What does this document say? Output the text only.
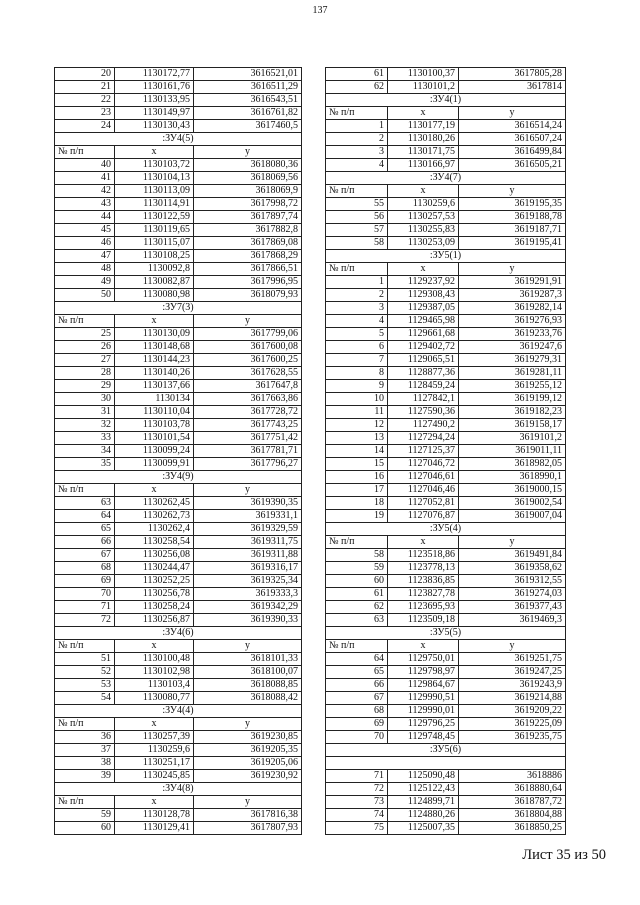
137
20	1130172,77	3616521,01
21	1130161,76	3616511,29
22	1130133,95	3616543,51
23	1130149,97	3616761,82
24	1130130,43	3617460,5
:ЗУ4(5)		
№ п/п	x	y
40	1130103,72	3618080,36
41	1130104,13	3618069,56
42	1130113,09	3618069,9
43	1130114,91	3617998,72
44	1130122,59	3617897,74
45	1130119,65	3617882,8
46	1130115,07	3617869,08
47	1130108,25	3617868,29
48	1130092,8	3617866,51
49	1130082,87	3617996,95
50	1130080,98	3618079,93
:ЗУ7(3)		
№ п/п	x	y
25	1130130,09	3617799,06
26	1130148,68	3617600,08
27	1130144,23	3617600,25
28	1130140,26	3617628,55
29	1130137,66	3617647,8
30	1130134	3617663,86
31	1130110,04	3617728,72
32	1130103,78	3617743,25
33	1130101,54	3617751,42
34	1130099,24	3617781,71
35	1130099,91	3617796,27
:ЗУ4(9)		
№ п/п	x	y
63	1130262,45	3619390,35
64	1130262,73	3619331,1
65	1130262,4	3619329,59
66	1130258,54	3619311,75
67	1130256,08	3619311,88
68	1130244,47	3619316,17
69	1130252,25	3619325,34
70	1130256,78	3619333,3
71	1130258,24	3619342,29
72	1130256,87	3619390,33
:ЗУ4(6)		
№ п/п	x	y
51	1130100,48	3618101,33
52	1130102,98	3618100,07
53	1130103,4	3618088,85
54	1130080,77	3618088,42
:ЗУ4(4)		
№ п/п	x	y
36	1130257,39	3619230,85
37	1130259,6	3619205,35
38	1130251,17	3619205,06
39	1130245,85	3619230,92
:ЗУ4(8)		
№ п/п	x	y
59	1130128,78	3617816,38
60	1130129,41	3617807,93
61	1130100,37	3617805,28
62	1130101,2	3617814
:ЗУ4(1)		
№ п/п	x	y
1	1130177,19	3616514,24
2	1130180,26	3616507,24
3	1130171,75	3616499,84
4	1130166,97	3616505,21
:ЗУ4(7)		
№ п/п	x	y
55	1130259,6	3619195,35
56	1130257,53	3619188,78
57	1130255,83	3619187,71
58	1130253,09	3619195,41
:ЗУ5(1)		
№ п/п	x	y
1	1129237,92	3619291,91
2	1129308,43	3619287,3
3	1129387,05	3619282,14
4	1129465,98	3619276,93
5	1129661,68	3619233,76
6	1129402,72	3619247,6
7	1129065,51	3619279,31
8	1128877,36	3619281,11
9	1128459,24	3619255,12
10	1127842,1	3619199,12
11	1127590,36	3619182,23
12	1127490,2	3619158,17
13	1127294,24	3619101,2
14	1127125,37	3619011,11
15	1127046,72	3618982,05
16	1127046,61	3618990,1
17	1127046,46	3619000,15
18	1127052,81	3619002,54
19	1127076,87	3619007,04
:ЗУ5(4)		
№ п/п	x	y
58	1123518,86	3619491,84
59	1123778,13	3619358,62
60	1123836,85	3619312,55
61	1123827,78	3619274,03
62	1123695,93	3619377,43
63	1123509,18	3619469,3
:ЗУ5(5)		
№ п/п	x	y
64	1129750,01	3619251,75
65	1129798,97	3619247,25
66	1129864,67	3619243,9
67	1129990,51	3619214,88
68	1129990,01	3619209,22
69	1129796,25	3619225,09
70	1129748,45	3619235,75
:ЗУ5(6)		

71	1125090,48	3618886
72	1125122,43	3618880,64
73	1124899,71	3618787,72
74	1124880,26	3618804,88
75	1125007,35	3618850,25
Лист 35 из 50
